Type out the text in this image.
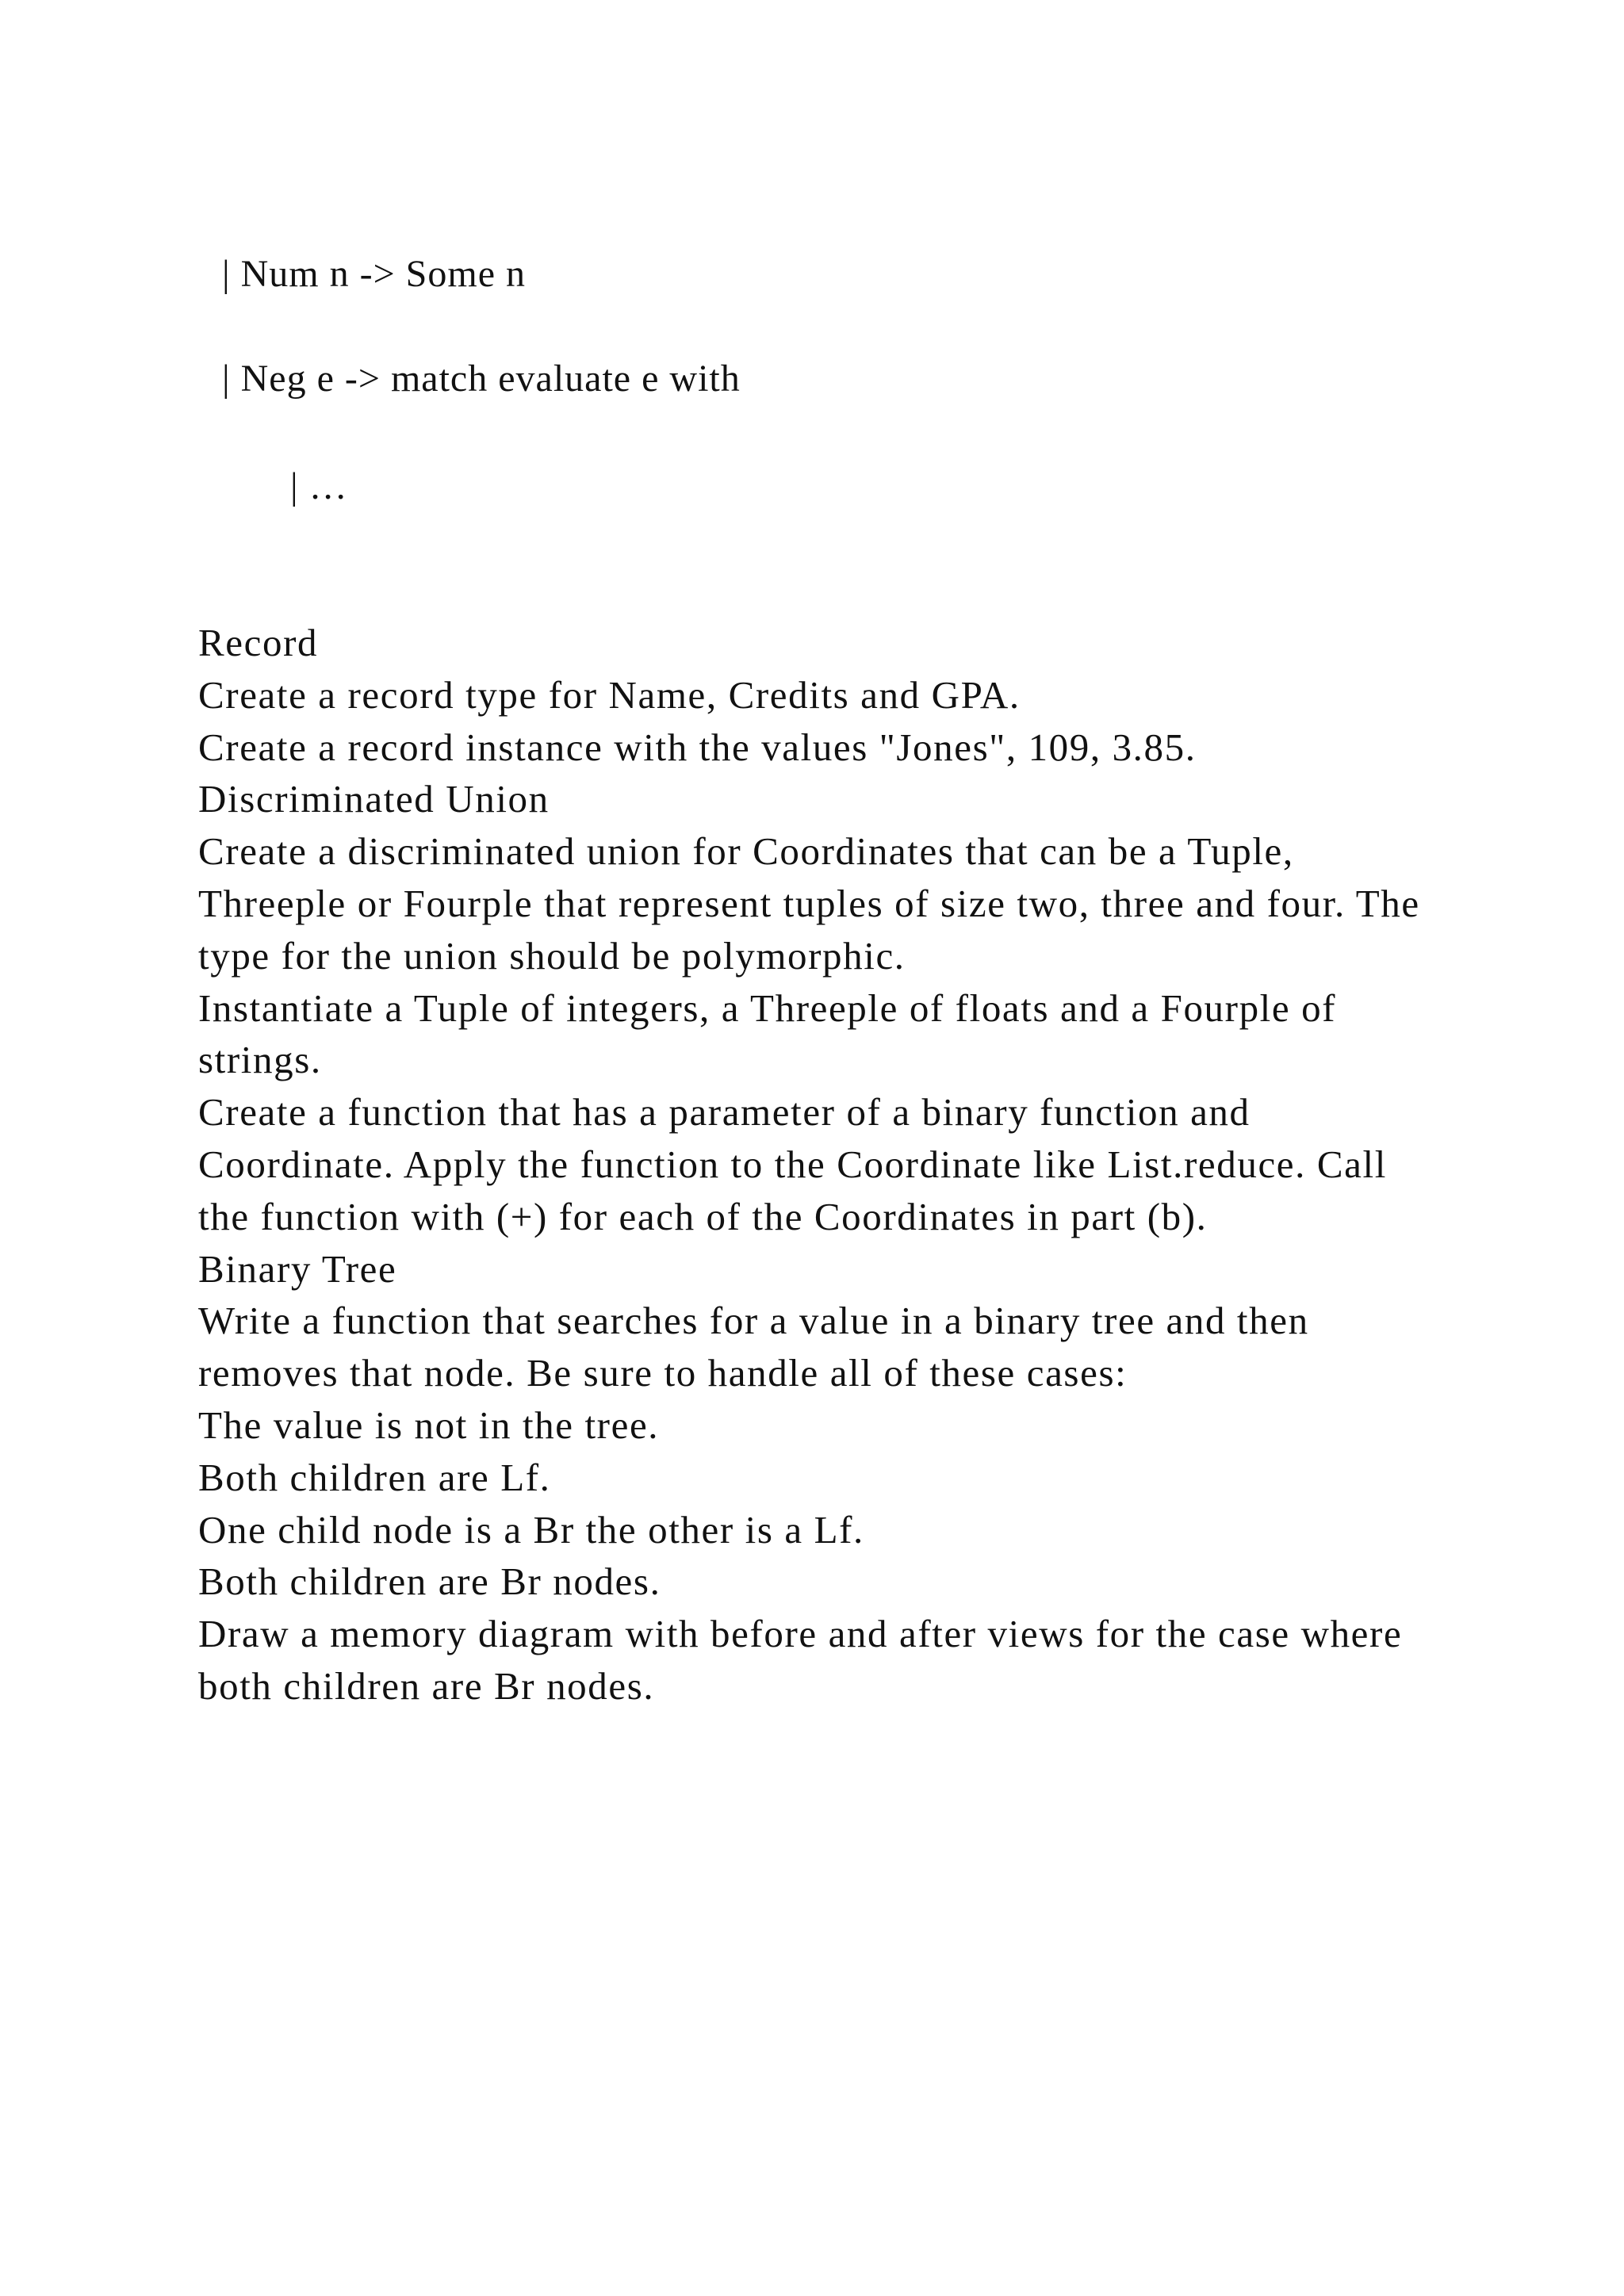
| Num n -> Some n
| Neg e -> match evaluate e with
| …

Record

Create a record type for Name, Credits and GPA.

Create a record instance with the values "Jones", 109, 3.85.

Discriminated Union

Create a discriminated union for Coordinates that can be a Tuple, Threeple or Fourple that represent tuples of size two, three and four. The type for the union should be polymorphic.

Instantiate a Tuple of integers, a Threeple of floats and a Fourple of strings.

Create a function that has a parameter of a binary function and Coordinate. Apply the function to the Coordinate like List.reduce. Call the function with (+) for each of the Coordinates in part (b).

Binary Tree

Write a function that searches for a value in a binary tree and then removes that node. Be sure to handle all of these cases:

The value is not in the tree.

Both children are Lf.

One child node is a Br the other is a Lf.

Both children are Br nodes.

Draw a memory diagram with before and after views for the case where both children are Br nodes.
